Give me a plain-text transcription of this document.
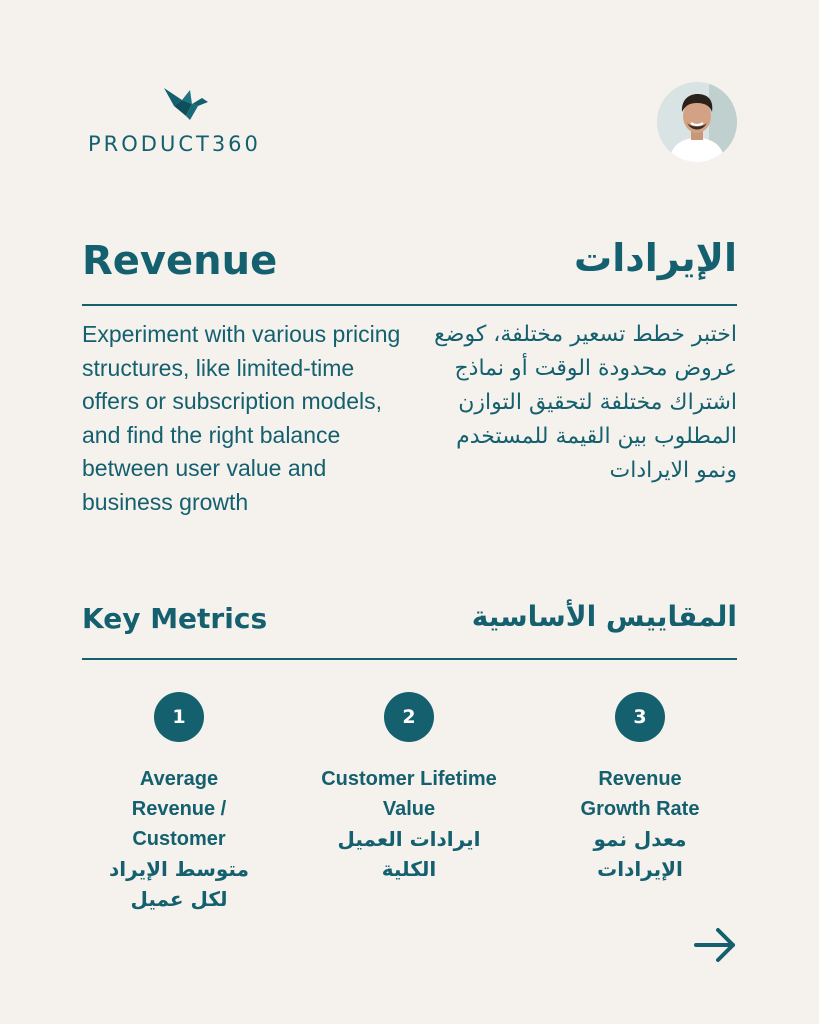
PRODUCT360
Revenue	الإيرادات
Experiment with various pricing structures, like limited-time offers or subscription models, and find the right balance between user value and business growth
اختبر خطط تسعير مختلفة، كوضع عروض محدودة الوقت أو نماذج اشتراك مختلفة لتحقيق التوازن المطلوب بين القيمة للمستخدم ونمو الايرادات
Key Metrics	المقاييس الأساسية
1
Average Revenue / Customer
متوسط الإيراد لكل عميل
2
Customer Lifetime Value
ايرادات العميل الكلية
3
Revenue Growth Rate
معدل نمو الإيرادات
